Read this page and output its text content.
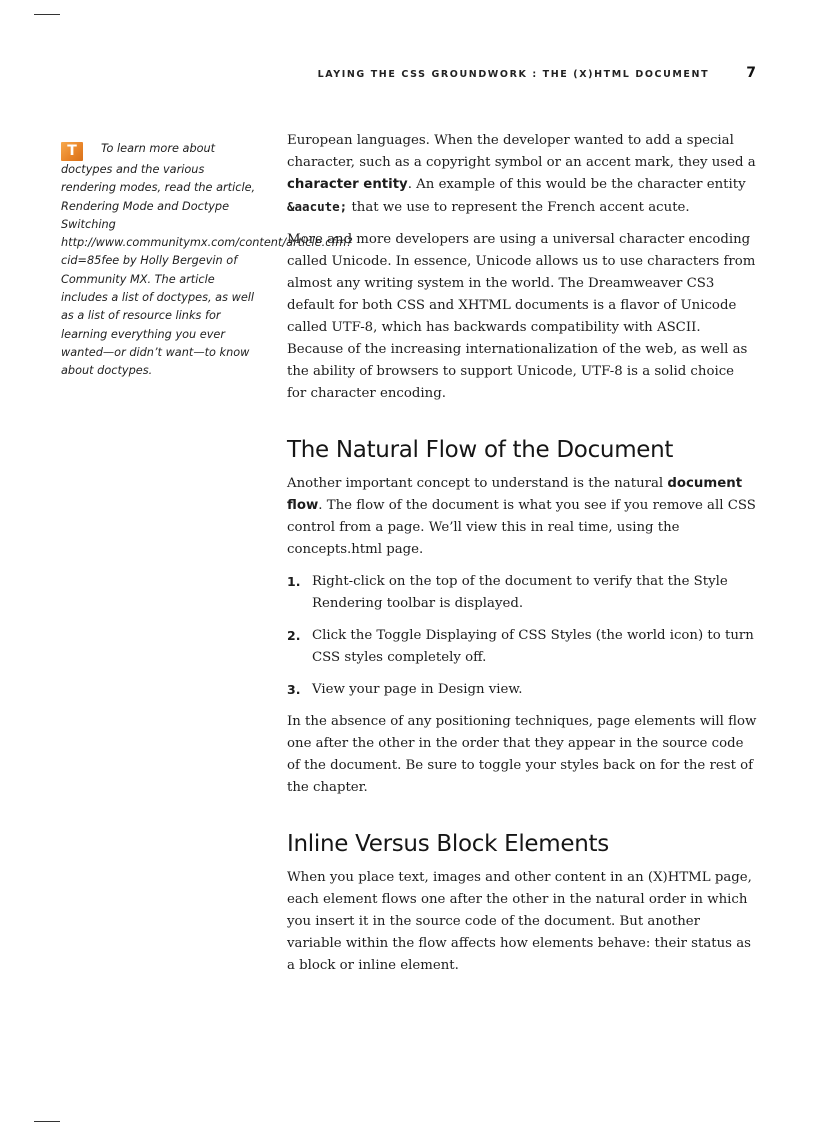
LAYING THE CSS GROUNDWORK : THE (X)HTML DOCUMENT	7
T To learn more about doctypes and the various rendering modes, read the article, Rendering Mode and Doctype Switching http://www.communitymx.com/content/article.cfm?cid=85fee by Holly Bergevin of Community MX. The article includes a list of doctypes, as well as a list of resource links for learning everything you ever wanted—or didn’t want—to know about doctypes.

European languages. When the developer wanted to add a special character, such as a copyright symbol or an accent mark, they used a character entity. An example of this would be the character entity &aacute; that we use to represent the French accent acute.

More and more developers are using a universal character encoding called Unicode. In essence, Unicode allows us to use characters from almost any writing system in the world. The Dreamweaver CS3 default for both CSS and XHTML documents is a flavor of Unicode called UTF-8, which has backwards compatibility with ASCII. Because of the increasing internationalization of the web, as well as the ability of browsers to support Unicode, UTF-8 is a solid choice for character encoding.

The Natural Flow of the Document

Another important concept to understand is the natural document flow. The flow of the document is what you see if you remove all CSS control from a page. We’ll view this in real time, using the concepts.html page.

1. Right-click on the top of the document to verify that the Style Rendering toolbar is displayed.
2. Click the Toggle Displaying of CSS Styles (the world icon) to turn CSS styles completely off.
3. View your page in Design view.

In the absence of any positioning techniques, page elements will flow one after the other in the order that they appear in the source code of the document. Be sure to toggle your styles back on for the rest of the chapter.

Inline Versus Block Elements

When you place text, images and other content in an (X)HTML page, each element flows one after the other in the natural order in which you insert it in the source code of the document. But another variable within the flow affects how elements behave: their status as a block or inline element.
